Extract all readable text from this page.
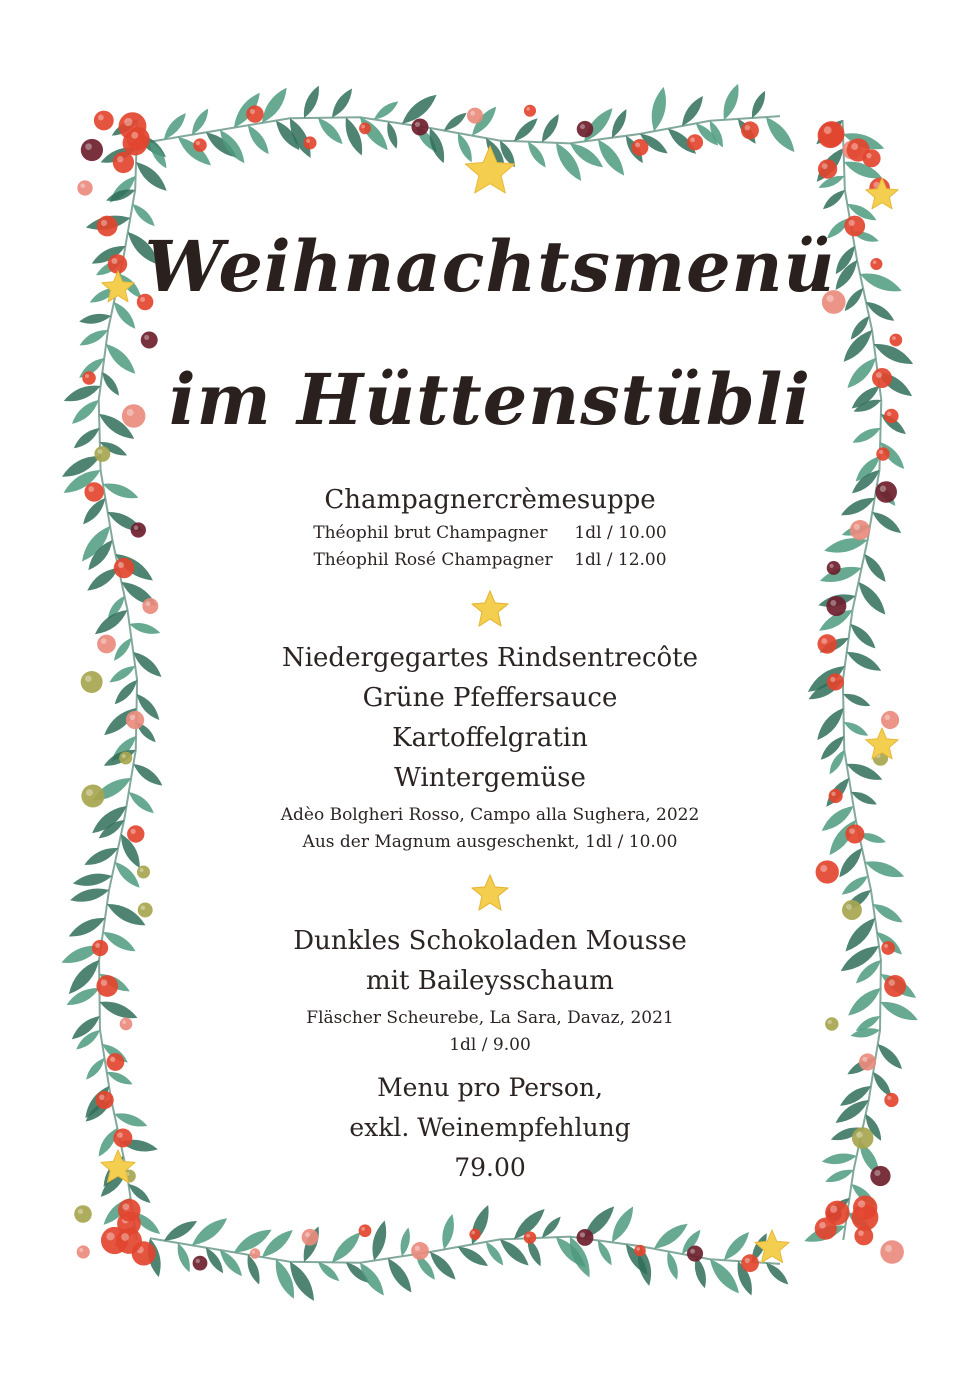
Weihnachtsmenü
im Hüttenstübli
Champagnercrèmesuppe
Théophil brut Champagner     1dl / 10.00
Théophil Rosé Champagner    1dl / 12.00
Niedergegartes Rindsentrecôte
Grüne Pfeffersauce
Kartoffelgratin
Wintergemüse
Adèo Bolgheri Rosso, Campo alla Sughera, 2022
Aus der Magnum ausgeschenkt, 1dl / 10.00
Dunkles Schokoladen Mousse
mit Baileysschaum
Fläscher Scheurebe, La Sara, Davaz, 2021
1dl / 9.00
Menu pro Person,
exkl. Weinempfehlung
79.00
